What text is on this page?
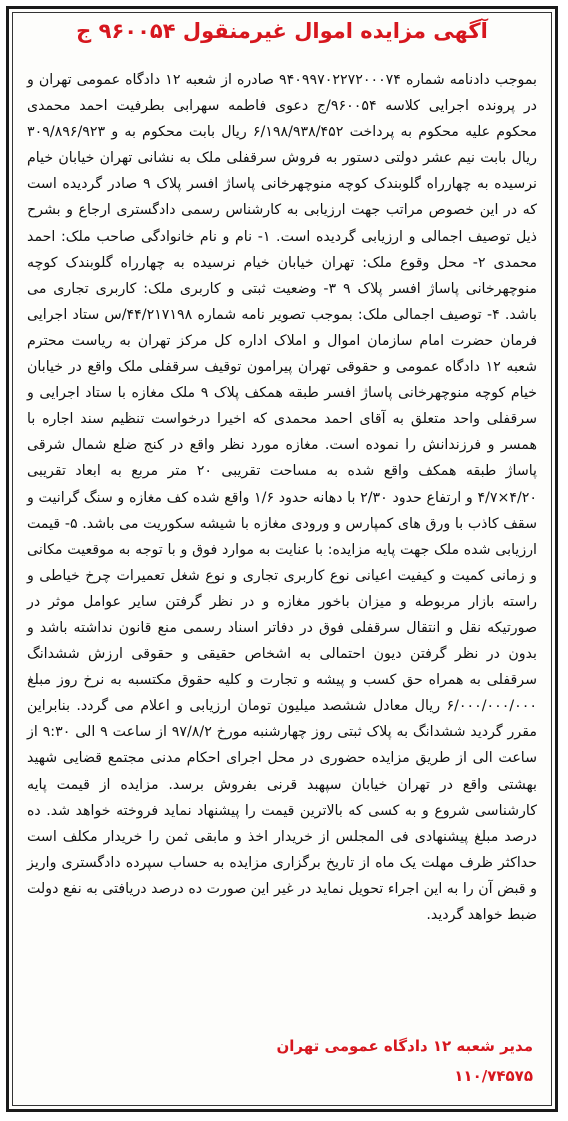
آگهی مزایده اموال غیرمنقول ۹۶۰۰۵۴ ج

بموجب دادنامه شماره ۹۴۰۹۹۷۰۲۲۷۲۰۰۰۷۴ صادره از شعبه ۱۲ دادگاه عمومی تهران و در پرونده اجرایی کلاسه ۹۶۰۰۵۴/ج دعوی فاطمه سهرابی بطرفیت احمد محمدی محکوم علیه محکوم به پرداخت ۶/۱۹۸/۹۳۸/۴۵۲ ریال بابت محکوم به و ۳۰۹/۸۹۶/۹۲۳ ریال بابت نیم عشر دولتی دستور به فروش سرقفلی ملک به نشانی تهران خیابان خیام نرسیده به چهارراه گلوبندک کوچه منوچهرخانی پاساژ افسر پلاک ۹ صادر گردیده است که در این خصوص مراتب جهت ارزیابی به کارشناس رسمی دادگستری ارجاع و بشرح ذیل توصیف اجمالی و ارزیابی گردیده است. ۱- نام و نام خانوادگی صاحب ملک: احمد محمدی ۲- محل وقوع ملک: تهران خیابان خیام نرسیده به چهارراه گلوبندک کوچه منوچهرخانی پاساژ افسر پلاک ۹ ۳- وضعیت ثبتی و کاربری ملک: کاربری تجاری می باشد. ۴- توصیف اجمالی ملک: بموجب تصویر نامه شماره ۴۴/۲۱۷۱۹۸/س ستاد اجرایی فرمان حضرت امام سازمان اموال و املاک اداره کل مرکز تهران به ریاست محترم شعبه ۱۲ دادگاه عمومی و حقوقی تهران پیرامون توقیف سرقفلی ملک واقع در خیابان خیام کوچه منوچهرخانی پاساژ افسر طبقه همکف پلاک ۹ ملک مغازه با ستاد اجرایی و سرقفلی واحد متعلق به آقای احمد محمدی که اخیرا درخواست تنظیم سند اجاره با همسر و فرزندانش را نموده است. مغازه مورد نظر واقع در کنج ضلع شمال شرقی پاساژ طبقه همکف واقع شده به مساحت تقریبی ۲۰ متر مربع به ابعاد تقریبی ۴/۲۰×۴/۷ و ارتفاع حدود ۲/۳۰ با دهانه حدود ۱/۶ واقع شده کف مغازه و سنگ گرانیت و سقف کاذب با ورق های کمپارس و ورودی مغازه با شیشه سکوریت می باشد. ۵- قیمت ارزیابی شده ملک جهت پایه مزایده: با عنایت به موارد فوق و با توجه به موقعیت مکانی و زمانی کمیت و کیفیت اعیانی نوع کاربری تجاری و نوع شغل تعمیرات چرخ خیاطی و راسته بازار مربوطه و میزان باخور مغازه و در نظر گرفتن سایر عوامل موثر در صورتیکه نقل و انتقال سرقفلی فوق در دفاتر اسناد رسمی منع قانون نداشته باشد و بدون در نظر گرفتن دیون احتمالی به اشخاص حقیقی و حقوقی ارزش ششدانگ سرقفلی به همراه حق کسب و پیشه و تجارت و کلیه حقوق مکتسبه به نرخ روز مبلغ ۶/۰۰۰/۰۰۰/۰۰۰ ریال معادل ششصد میلیون تومان ارزیابی و اعلام می گردد. بنابراین مقرر گردید ششدانگ به پلاک ثبتی روز چهارشنبه مورخ ۹۷/۸/۲ از ساعت ۹ الی ۹:۳۰ از ساعت الی از طریق مزایده حضوری در محل اجرای احکام مدنی مجتمع قضایی شهید بهشتی واقع در تهران خیابان سپهبد قرنی بفروش برسد. مزایده از قیمت پایه کارشناسی شروع و به کسی که بالاترین قیمت را پیشنهاد نماید فروخته خواهد شد. ده درصد مبلغ پیشنهادی فی المجلس از خریدار اخذ و مابقی ثمن را خریدار مکلف است حداکثر ظرف مهلت یک ماه از تاریخ برگزاری مزایده به حساب سپرده دادگستری واریز و قبض آن را به این اجراء تحویل نماید در غیر این صورت ده درصد دریافتی به نفع دولت ضبط خواهد گردید.

مدیر شعبه ۱۲ دادگاه عمومی تهران
۱۱۰/۷۴۵۷۵
